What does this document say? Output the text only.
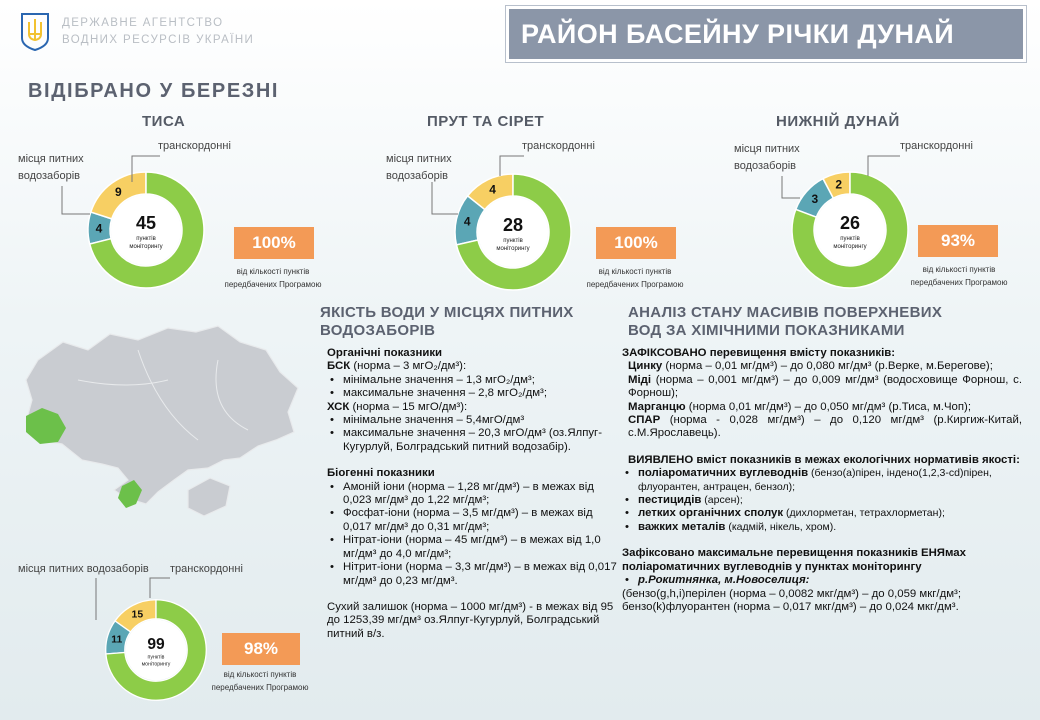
ДЕРЖАВНЕ АГЕНТСТВО
ВОДНИХ РЕСУРСІВ УКРАЇНИ	РАЙОН БАСЕЙНУ РІЧКИ ДУНАЙ
ВІДІБРАНО У БЕРЕЗНІ
ТИСА
місця питних
водозаборів
транскордонні
4
9
45
пунктів
моніторингу	100%
від кількості пунктів
передбачених Програмою
ПРУТ ТА СІРЕТ
місця питних
водозаборів
транскордонні
4
4
28
пунктів
моніторингу	100%
від кількості пунктів
передбачених Програмою
НИЖНІЙ ДУНАЙ
місця питних
водозаборів
транскордонні
3
2
26
пунктів
моніторингу	93%
від кількості пунктів
передбачених Програмою
місця питних водозаборів транскордонні
11
15
99
пунктів
моніторингу
98%
від кількості пунктів
передбачених Програмою
ЯКІСТЬ ВОДИ У МІСЦЯХ ПИТНИХ
ВОДОЗАБОРІВ
Органічні показники
БСК (норма – 3 мгО₂/дм³):
• мінімальне значення – 1,3 мгО₂/дм³;
• максимальне значення – 2,8 мгО₂/дм³;
ХСК (норма – 15 мгО/дм³):
• мінімальне значення – 5,4мгО/дм³
• максимальне значення – 20,3 мгО/дм³ (оз.Ялпуг-Кугурлуй, Болградський питний водозабір).
Біогенні показники
• Амоній іони (норма – 1,28 мг/дм³) – в межах від 0,023 мг/дм³ до 1,22 мг/дм³;
• Фосфат-іони (норма – 3,5 мг/дм³) – в межах від 0,017 мг/дм³ до 0,31 мг/дм³;
• Нітрат-іони (норма – 45 мг/дм³) – в межах від 1,0 мг/дм³ до 4,0 мг/дм³;
• Нітрит-іони (норма – 3,3 мг/дм³) – в межах від 0,017 мг/дм³ до 0,23 мг/дм³.
Сухий залишок (норма – 1000 мг/дм³) - в межах від 95 до 1253,39 мг/дм³ оз.Ялпуг-Кугурлуй, Болградський питний в/з.
АНАЛІЗ СТАНУ МАСИВІВ ПОВЕРХНЕВИХ
ВОД ЗА ХІМІЧНИМИ ПОКАЗНИКАМИ
ЗАФІКСОВАНО перевищення вмісту показників:
Цинку (норма – 0,01 мг/дм³) – до 0,080 мг/дм³ (р.Верке, м.Берегове);
Міді (норма – 0,001 мг/дм³) – до 0,009 мг/дм³ (водосховище Форнош, с. Форнош);
Марганцю (норма 0,01 мг/дм³) – до 0,050 мг/дм³ (р.Тиса, м.Чоп);
СПАР (норма - 0,028 мг/дм³) – до 0,120 мг/дм³ (р.Киргиж-Китай, с.М.Ярославець).
ВИЯВЛЕНО вміст показників в межах екологічних нормативів якості:
• поліароматичних вуглеводнів (бензо(а)пірен, індено(1,2,3-cd)пірен, флуорантен, антрацен, бензол);
• пестицидів (арсен);
• летких органічних сполук (дихлорметан, тетрахлорметан);
• важких металів (кадмій, нікель, хром).
Зафіксовано максимальне перевищення показників ЕНЯмах поліароматичних вуглеводнів у пунктах моніторингу
• р.Рокитнянка, м.Новоселиця:
(бензо(g,h,i)перілен (норма – 0,0082 мкг/дм³) – до 0,059 мкг/дм³;
бензо(k)флуорантен (норма – 0,017 мкг/дм³) – до 0,024 мкг/дм³.
